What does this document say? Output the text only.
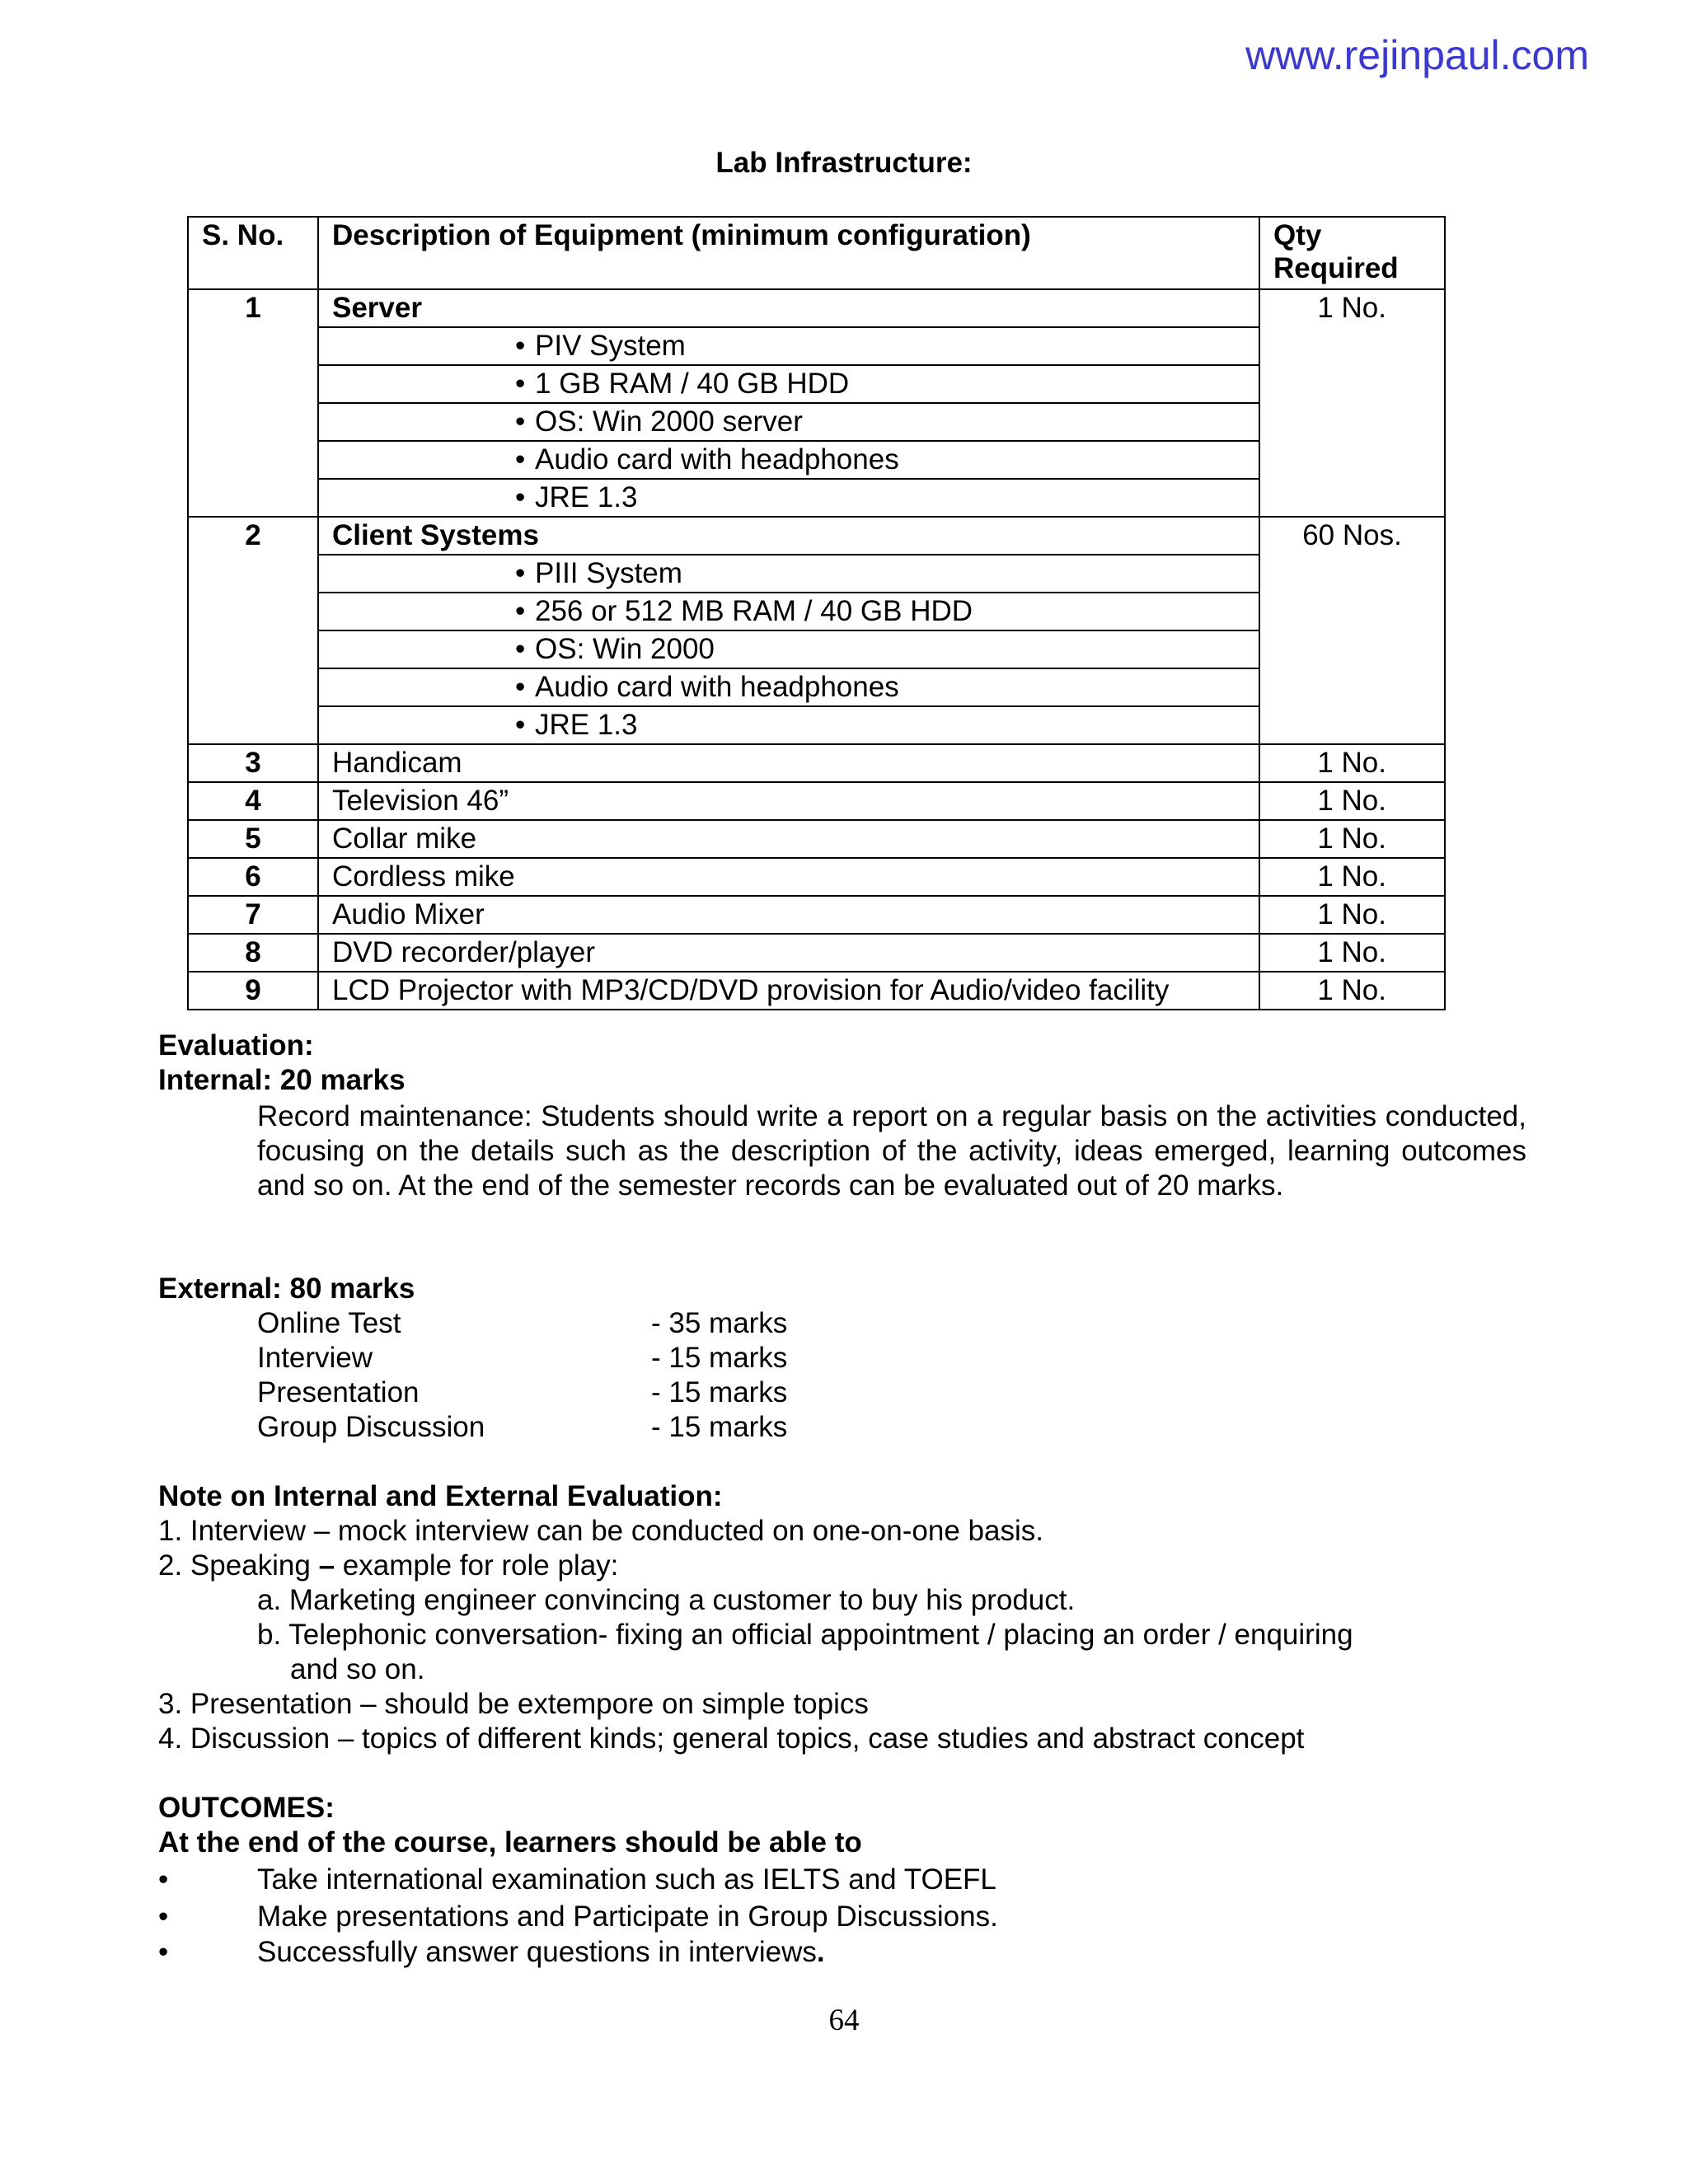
www.rejinpaul.com
Lab Infrastructure:
S. No.	Description of Equipment (minimum configuration)	Qty
Required
1	Server	1 No.

	• PIV System	

	• 1 GB RAM / 40 GB HDD	

	• OS: Win 2000 server	

	• Audio card with headphones	

	• JRE 1.3	
2	Client Systems	60 Nos.

	• PIII System	

	• 256 or 512 MB RAM / 40 GB HDD	

	• OS: Win 2000	

	• Audio card with headphones	

	• JRE 1.3	
3	Handicam	1 No.
4	Television 46”	1 No.
5	Collar mike	1 No.
6	Cordless mike	1 No.
7	Audio Mixer	1 No.
8	DVD recorder/player	1 No.
9	LCD Projector with MP3/CD/DVD provision for Audio/video facility	1 No.
Evaluation:
Internal: 20 marks
Record maintenance: Students should write a report on a regular basis on the activities conducted, focusing on the details such as the description of the activity, ideas emerged, learning outcomes and so on. At the end of the semester records can be evaluated out of 20 marks.
External: 80 marks
Online Test	- 35 marks
Interview	- 15 marks
Presentation	- 15 marks
Group Discussion	- 15 marks
Note on Internal and External Evaluation:
1. Interview – mock interview can be conducted on one-on-one basis.
2. Speaking – example for role play:
a. Marketing engineer convincing a customer to buy his product.
b. Telephonic conversation- fixing an official appointment / placing an order / enquiring
and so on.
3. Presentation – should be extempore on simple topics
4. Discussion – topics of different kinds; general topics, case studies and abstract concept
OUTCOMES:
At the end of the course, learners should be able to
•	Take international examination such as IELTS and TOEFL
•	Make presentations and Participate in Group Discussions.
•	Successfully answer questions in interviews.
64
